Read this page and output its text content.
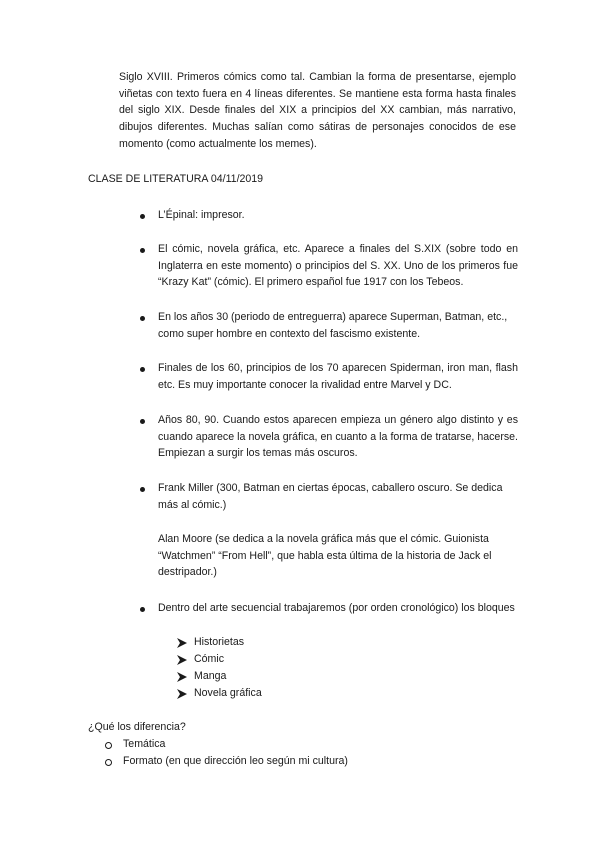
Siglo XVIII. Primeros cómics como tal. Cambian la forma de presentarse, ejemplo viñetas con texto fuera en 4 líneas diferentes. Se mantiene esta forma hasta finales del siglo XIX. Desde finales del XIX a principios del XX cambian, más narrativo, dibujos diferentes. Muchas salían como sátiras de personajes conocidos de ese momento (como actualmente los memes).

CLASE DE LITERATURA 04/11/2019

L’Épinal: impresor.

El cómic, novela gráfica, etc. Aparece a finales del S.XIX (sobre todo en Inglaterra en este momento) o principios del S. XX. Uno de los primeros fue “Krazy Kat” (cómic). El primero español fue 1917 con los Tebeos.

En los años 30 (periodo de entreguerra) aparece Superman, Batman, etc., como super hombre en contexto del fascismo existente.

Finales de los 60, principios de los 70 aparecen Spiderman, iron man, flash etc. Es muy importante conocer la rivalidad entre Marvel y DC.

Años 80, 90. Cuando estos aparecen empieza un género algo distinto y es cuando aparece la novela gráfica, en cuanto a la forma de tratarse, hacerse. Empiezan a surgir los temas más oscuros.

Frank Miller (300, Batman en ciertas épocas, caballero oscuro. Se dedica más al cómic.)

Alan Moore (se dedica a la novela gráfica más que el cómic. Guionista “Watchmen” “From Hell”, que habla esta última de la historia de Jack el destripador.)

Dentro del arte secuencial trabajaremos (por orden cronológico) los bloques

Historietas

Cómic

Manga

Novela gráfica

¿Qué los diferencia?

Temática

Formato (en que dirección leo según mi cultura)
